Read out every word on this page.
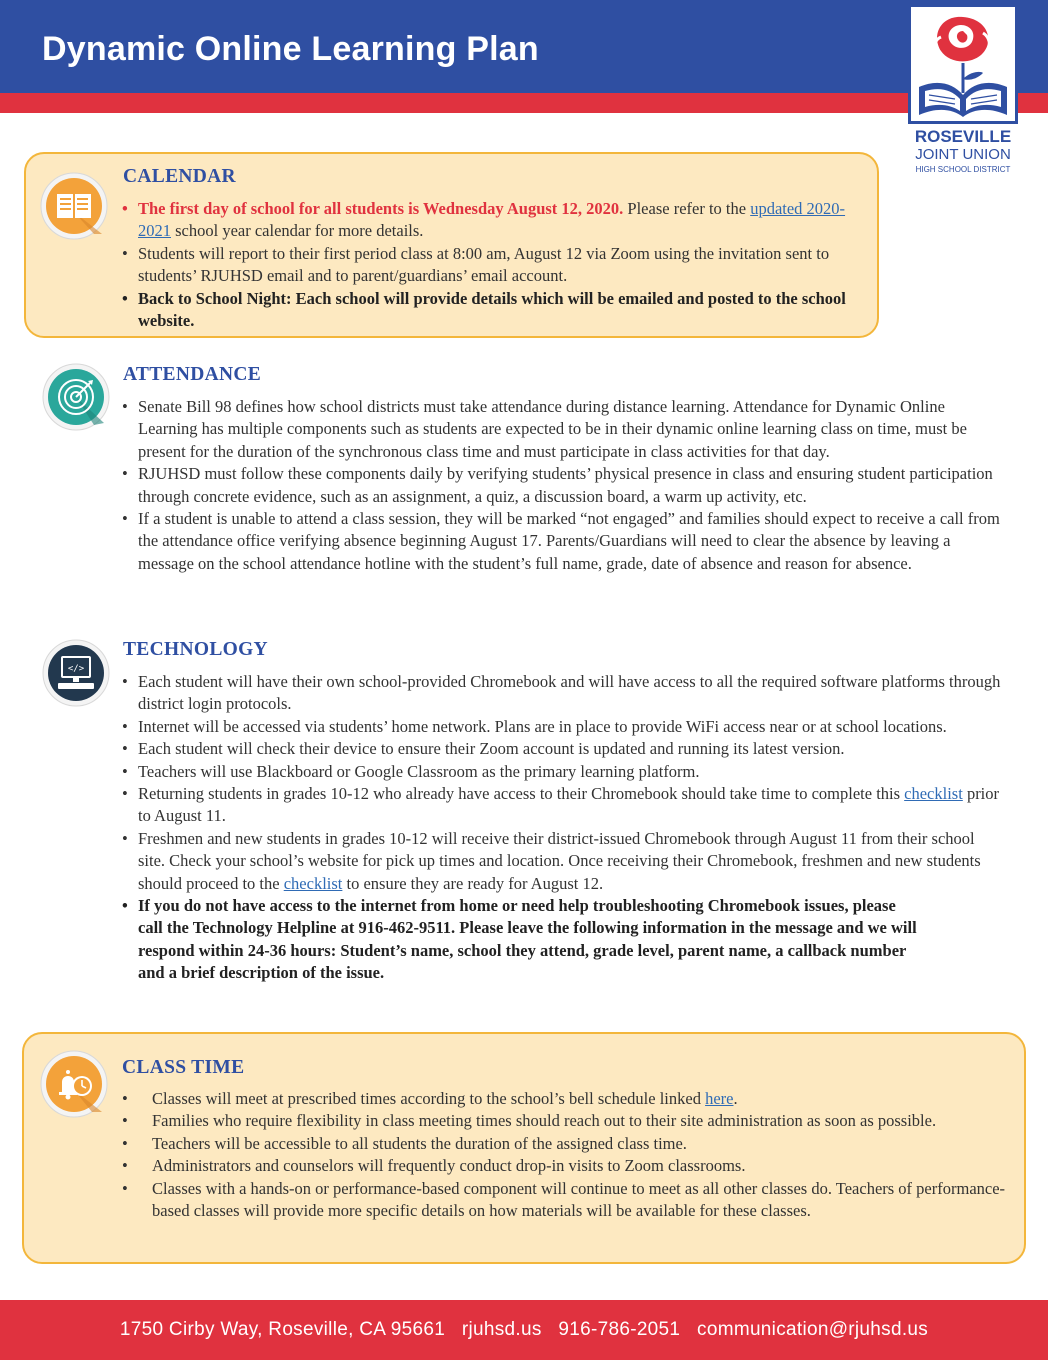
Dynamic Online Learning Plan
ROSEVILLE
JOINT UNION
HIGH SCHOOL DISTRICT
CALENDAR
• The first day of school for all students is Wednesday August 12, 2020. Please refer to the updated 2020-2021 school year calendar for more details.
• Students will report to their first period class at 8:00 am, August 12 via Zoom using the invitation sent to students’ RJUHSD email and to parent/guardians’ email account.
• Back to School Night: Each school will provide details which will be emailed and posted to the school website.
ATTENDANCE
• Senate Bill 98 defines how school districts must take attendance during distance learning. Attendance for Dynamic Online Learning has multiple components such as students are expected to be in their dynamic online learning class on time, must be present for the duration of the synchronous class time and must participate in class activities for that day.
• RJUHSD must follow these components daily by verifying students’ physical presence in class and ensuring student participation through concrete evidence, such as an assignment, a quiz, a discussion board, a warm up activity, etc.
• If a student is unable to attend a class session, they will be marked “not engaged” and families should expect to receive a call from the attendance office verifying absence beginning August 17. Parents/Guardians will need to clear the absence by leaving a message on the school attendance hotline with the student’s full name, grade, date of absence and reason for absence.
</>
TECHNOLOGY
• Each student will have their own school-provided Chromebook and will have access to all the required software platforms through district login protocols.
• Internet will be accessed via students’ home network. Plans are in place to provide WiFi access near or at school locations.
• Each student will check their device to ensure their Zoom account is updated and running its latest version.
• Teachers will use Blackboard or Google Classroom as the primary learning platform.
• Returning students in grades 10-12 who already have access to their Chromebook should take time to complete this checklist prior to August 11.
• Freshmen and new students in grades 10-12 will receive their district-issued Chromebook through August 11 from their school site. Check your school’s website for pick up times and location. Once receiving their Chromebook, freshmen and new students should proceed to the checklist to ensure they are ready for August 12.
• If you do not have access to the internet from home or need help troubleshooting Chromebook issues, please call the Technology Helpline at 916-462-9511. Please leave the following information in the message and we will respond within 24-36 hours: Student’s name, school they attend, grade level, parent name, a callback number and a brief description of the issue.
CLASS TIME
• Classes will meet at prescribed times according to the school’s bell schedule linked here.
• Families who require flexibility in class meeting times should reach out to their site administration as soon as possible.
• Teachers will be accessible to all students the duration of the assigned class time.
• Administrators and counselors will frequently conduct drop-in visits to Zoom classrooms.
• Classes with a hands-on or performance-based component will continue to meet as all other classes do. Teachers of performance-based classes will provide more specific details on how materials will be available for these classes.
1750 Cirby Way, Roseville, CA 95661   rjuhsd.us   916-786-2051   communication@rjuhsd.us
